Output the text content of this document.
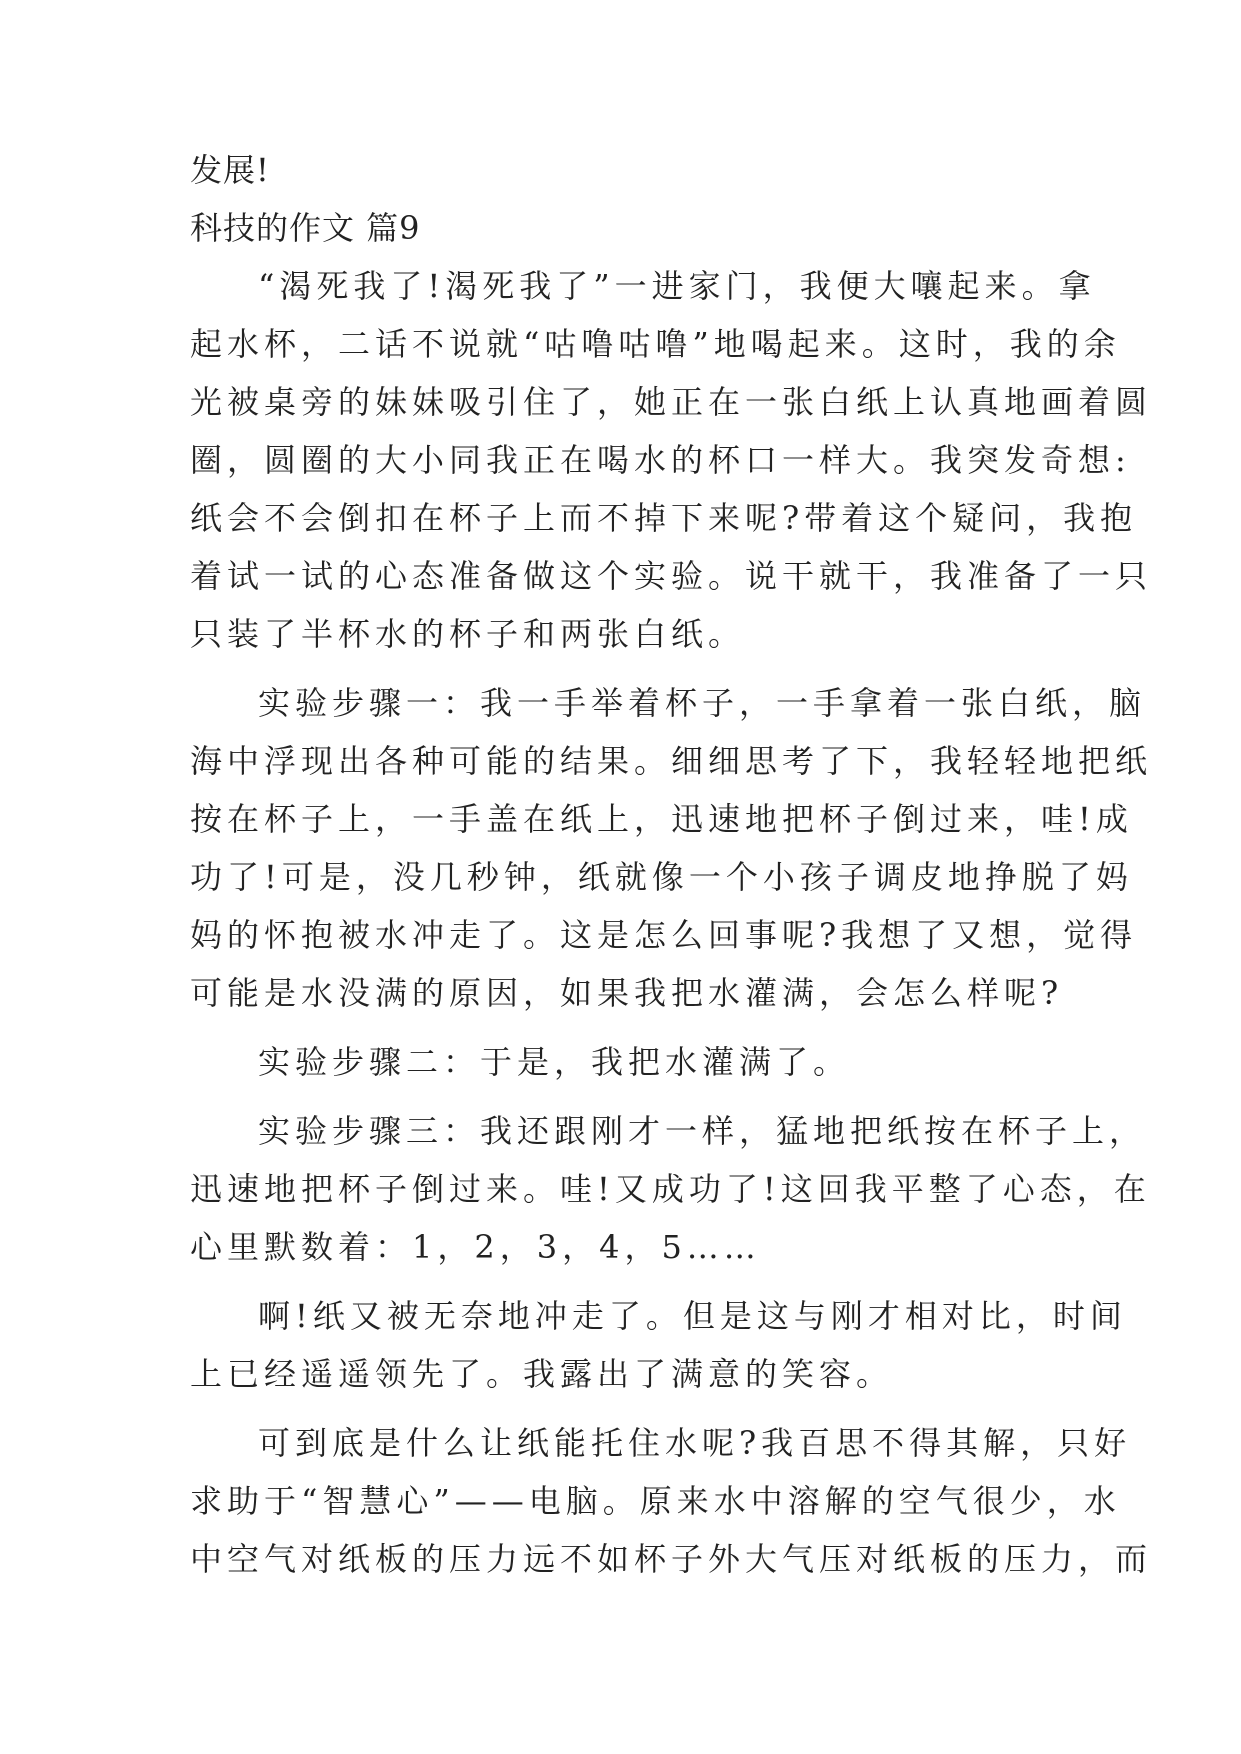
发展!
科技的作文 篇9
“渴死我了!渴死我了”一进家门，我便大嚷起来。拿
起水杯，二话不说就“咕噜咕噜”地喝起来。这时，我的余
光被桌旁的妹妹吸引住了，她正在一张白纸上认真地画着圆
圈，圆圈的大小同我正在喝水的杯口一样大。我突发奇想:
纸会不会倒扣在杯子上而不掉下来呢?带着这个疑问，我抱
着试一试的心态准备做这个实验。说干就干，我准备了一只
只装了半杯水的杯子和两张白纸。
实验步骤一：我一手举着杯子，一手拿着一张白纸，脑
海中浮现出各种可能的结果。细细思考了下，我轻轻地把纸
按在杯子上，一手盖在纸上，迅速地把杯子倒过来，哇!成
功了!可是，没几秒钟，纸就像一个小孩子调皮地挣脱了妈
妈的怀抱被水冲走了。这是怎么回事呢?我想了又想，觉得
可能是水没满的原因，如果我把水灌满，会怎么样呢?
实验步骤二：于是，我把水灌满了。
实验步骤三：我还跟刚才一样，猛地把纸按在杯子上，
迅速地把杯子倒过来。哇!又成功了!这回我平整了心态，在
心里默数着：1，2，3，4，5……
啊!纸又被无奈地冲走了。但是这与刚才相对比，时间
上已经遥遥领先了。我露出了满意的笑容。
可到底是什么让纸能托住水呢?我百思不得其解，只好
求助于“智慧心”——电脑。原来水中溶解的空气很少，水
中空气对纸板的压力远不如杯子外大气压对纸板的压力，而
